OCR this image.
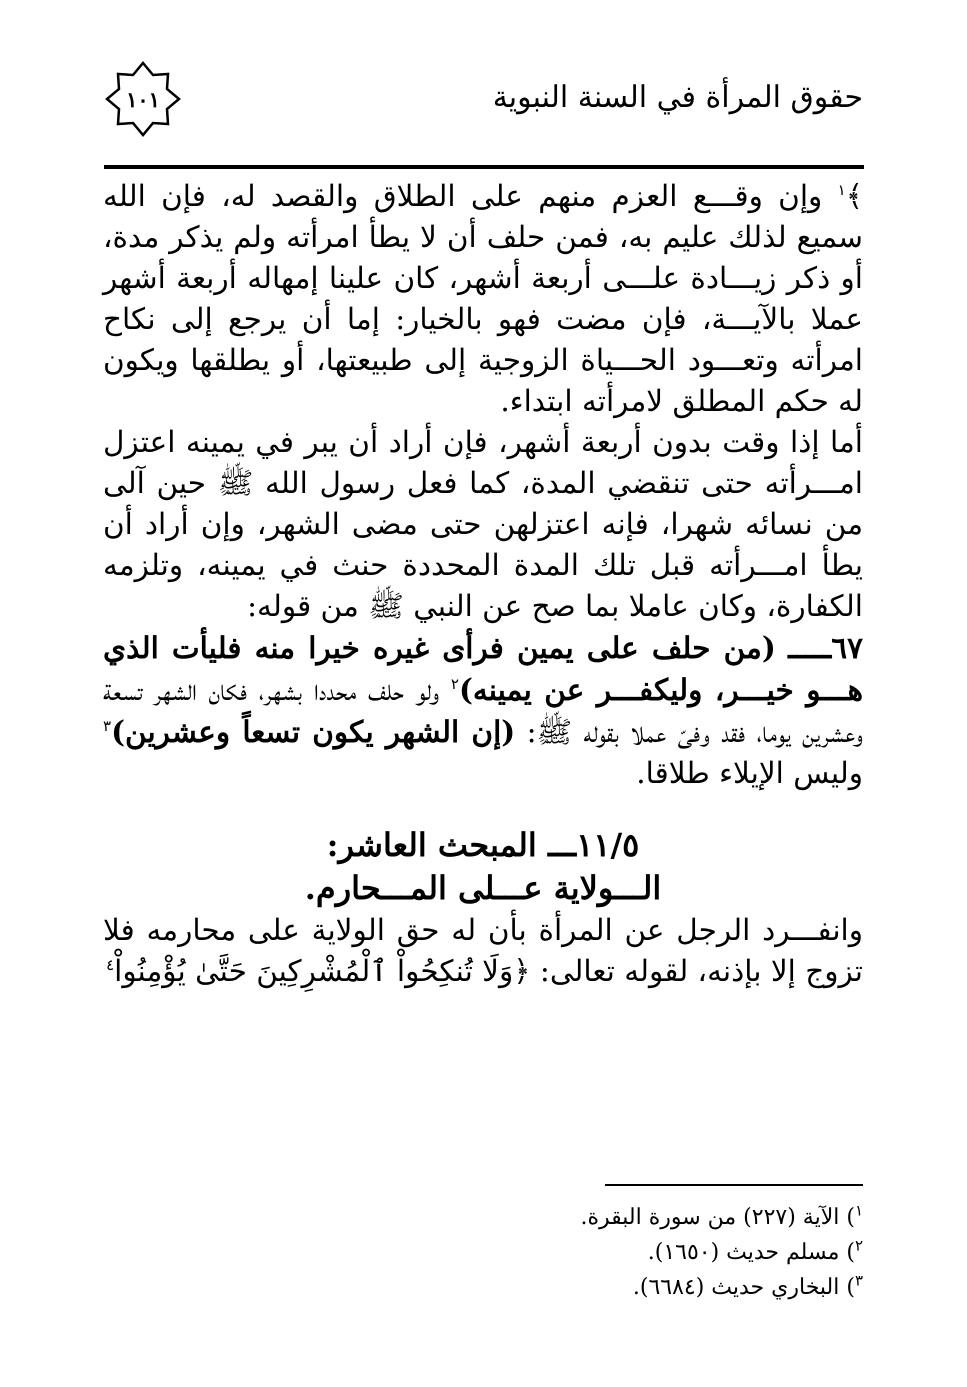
حقوق المرأة في السنة النبوية
١٠١

﴾$^١$ وإن وقـــع العزم منهم على الطلاق والقصد له، فإن الله سميع لذلك عليم به، فمن حلف أن لا يطأ امرأته ولم يذكر مدة، أو ذكر زيـــادة علـــى أربعة أشهر، كان علينا إمهاله أربعة أشهر عملا بالآيـــة، فإن مضت فهو بالخيار: إما أن يرجع إلى نكاح امرأته وتعـــود الحـــياة الزوجية إلى طبيعتها، أو يطلقها ويكون له حكم المطلق لامرأته ابتداء.

أما إذا وقت بدون أربعة أشهر، فإن أراد أن يبر في يمينه اعتزل امـــرأته حتى تنقضي المدة، كما فعل رسول الله ﷺ حين آلى من نسائه شهرا، فإنه اعتزلهن حتى مضى الشهر، وإن أراد أن يطأ امـــرأته قبل تلك المدة المحددة حنث في يمينه، وتلزمه الكفارة، وكان عاملا بما صح عن النبي ﷺ من قوله:

٦٧ـــــ (من حلف على يمين فرأى غيره خيرا منه فليأت الذي هـــو خيـــر، وليكفـــر عن يمينه)$^٢$ ولو حلف محددا بشهر، فكان الشهر تسعة وعشرين يوما، فقد وفىّ عملا بقوله ﷺ: (إن الشهر يكون تسعاً وعشرين)$^٣$ وليس الإيلاء طلاقا.

١١/٥ـــ المبحث العاشر:
الـــولاية عـــلى المـــحارم.

وانفـــرد الرجل عن المرأة بأن له حق الولاية على محارمه فلا تزوج إلا بإذنه، لقوله تعالى: ﴿وَلَا تُنكِحُواْ ٱلْمُشْرِكِينَ حَتَّىٰ يُؤْمِنُواْ$^٤$

$^١$) الآية (٢٢٧) من سورة البقرة.

$^٢$) مسلم حديث (١٦٥٠).

$^٣$) البخاري حديث (٦٦٨٤).
